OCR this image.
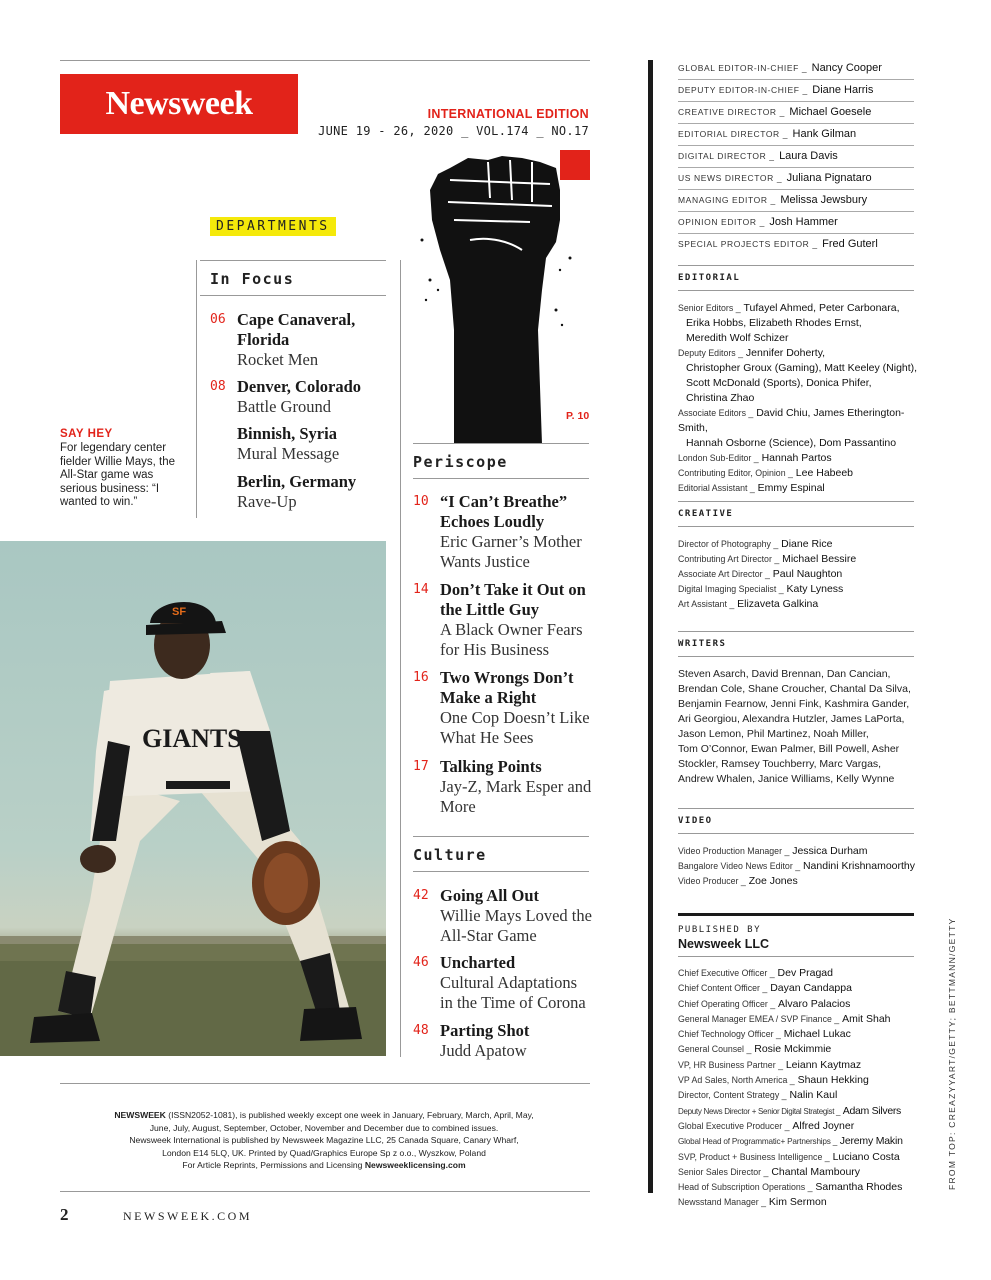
Newsweek	INTERNATIONAL EDITION
JUNE 19 - 26, 2020 _ VOL.174 _ NO.17
DEPARTMENTS
In Focus
06 Cape Canaveral, Florida
Rocket Men
08 Denver, Colorado
Battle Ground
Binnish, Syria
Mural Message
Berlin, Germany
Rave-Up
SAY HEY
For legendary center fielder Willie Mays, the All-Star game was serious business: “I wanted to win.”
P. 10
Periscope
10 “I Can’t Breathe” Echoes Loudly
Eric Garner’s Mother Wants Justice
14 Don’t Take it Out on the Little Guy
A Black Owner Fears for His Business
16 Two Wrongs Don’t Make a Right
One Cop Doesn’t Like What He Sees
17 Talking Points
Jay-Z, Mark Esper and More
Culture
42 Going All Out
Willie Mays Loved the All-Star Game
46 Uncharted
Cultural Adaptations in the Time of Corona
48 Parting Shot
Judd Apatow
GIANTS
SF
NEWSWEEK (ISSN2052-1081), is published weekly except one week in January, February, March, April, May,
June, July, August, September, October, November and December due to combined issues.
Newsweek International is published by Newsweek Magazine LLC, 25 Canada Square, Canary Wharf,
London E14 5LQ, UK. Printed by Quad/Graphics Europe Sp z o.o., Wyszkow, Poland
For Article Reprints, Permissions and Licensing Newsweeklicensing.com
2	NEWSWEEK.COM
GLOBAL EDITOR-IN-CHIEF _ Nancy Cooper
DEPUTY EDITOR-IN-CHIEF _ Diane Harris
CREATIVE DIRECTOR _ Michael Goesele
EDITORIAL DIRECTOR _ Hank Gilman
DIGITAL DIRECTOR _ Laura Davis
US NEWS DIRECTOR _ Juliana Pignataro
MANAGING EDITOR _ Melissa Jewsbury
OPINION EDITOR _ Josh Hammer
SPECIAL PROJECTS EDITOR _ Fred Guterl
EDITORIAL
Senior Editors _ Tufayel Ahmed, Peter Carbonara,
Erika Hobbs, Elizabeth Rhodes Ernst,
Meredith Wolf Schizer
Deputy Editors _ Jennifer Doherty,
Christopher Groux (Gaming), Matt Keeley (Night),
Scott McDonald (Sports), Donica Phifer,
Christina Zhao
Associate Editors _ David Chiu, James Etherington-Smith,
Hannah Osborne (Science), Dom Passantino
London Sub-Editor _ Hannah Partos
Contributing Editor, Opinion _ Lee Habeeb
Editorial Assistant _ Emmy Espinal
CREATIVE
Director of Photography _ Diane Rice
Contributing Art Director _ Michael Bessire
Associate Art Director _ Paul Naughton
Digital Imaging Specialist _ Katy Lyness
Art Assistant _ Elizaveta Galkina
WRITERS
Steven Asarch, David Brennan, Dan Cancian,
Brendan Cole, Shane Croucher, Chantal Da Silva,
Benjamin Fearnow, Jenni Fink, Kashmira Gander,
Ari Georgiou, Alexandra Hutzler, James LaPorta,
Jason Lemon, Phil Martinez, Noah Miller,
Tom O’Connor, Ewan Palmer, Bill Powell, Asher
Stockler, Ramsey Touchberry, Marc Vargas,
Andrew Whalen, Janice Williams, Kelly Wynne
VIDEO
Video Production Manager _ Jessica Durham
Bangalore Video News Editor _ Nandini Krishnamoorthy
Video Producer _ Zoe Jones
PUBLISHED BY
Newsweek LLC
Chief Executive Officer _ Dev Pragad
Chief Content Officer _ Dayan Candappa
Chief Operating Officer _ Alvaro Palacios
General Manager EMEA / SVP Finance _ Amit Shah
Chief Technology Officer _ Michael Lukac
General Counsel _ Rosie Mckimmie
VP, HR Business Partner _ Leiann Kaytmaz
VP Ad Sales, North America _ Shaun Hekking
Director, Content Strategy _ Nalin Kaul
Deputy News Director + Senior Digital Strategist _ Adam Silvers
Global Executive Producer _ Alfred Joyner
Global Head of Programmatic+ Partnerships _ Jeremy Makin
SVP, Product + Business Intelligence _ Luciano Costa
Senior Sales Director _ Chantal Mamboury
Head of Subscription Operations _ Samantha Rhodes
Newsstand Manager _ Kim Sermon
FROM TOP: CREAZYYART/GETTY; BETTMANN/GETTY
